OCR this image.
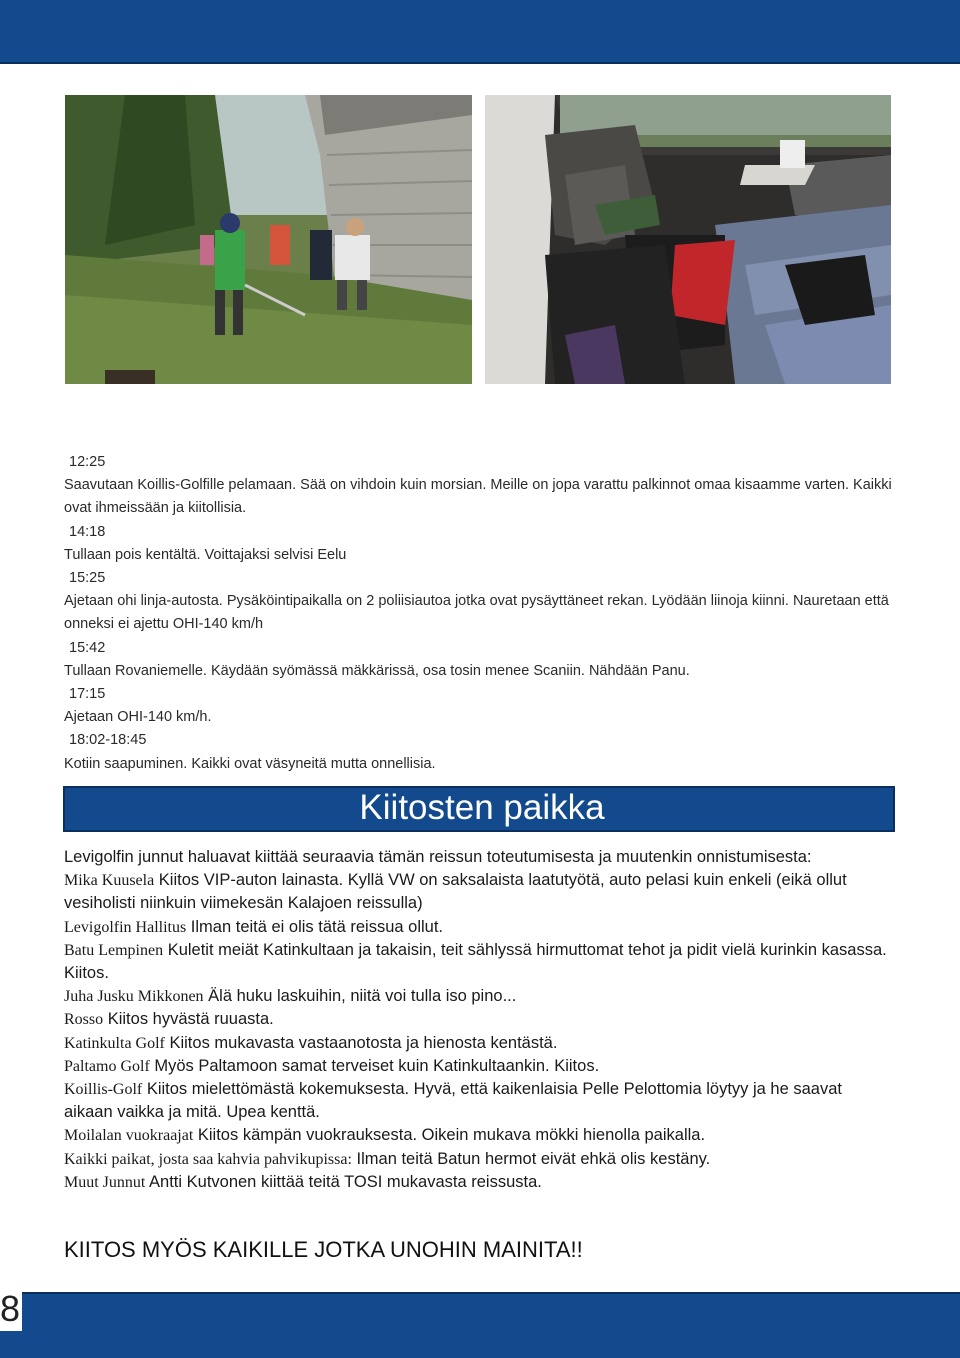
12:25

Saavutaan Koillis-Golfille pelamaan. Sää on vihdoin kuin morsian. Meille on jopa varattu palkinnot omaa kisaamme varten. Kaikki ovat ihmeissään ja kiitollisia.

14:18

Tullaan pois kentältä. Voittajaksi selvisi Eelu

15:25

Ajetaan ohi linja-autosta. Pysäköintipaikalla on 2 poliisiautoa jotka ovat pysäyttäneet rekan. Lyödään liinoja kiinni. Nauretaan että onneksi ei ajettu OHI-140 km/h

15:42

Tullaan Rovaniemelle. Käydään syömässä mäkkärissä, osa tosin menee Scaniin. Nähdään Panu.

17:15

Ajetaan OHI-140 km/h.

18:02-18:45

Kotiin saapuminen. Kaikki ovat väsyneitä mutta onnellisia.

Kiitosten paikka

Levigolfin junnut haluavat kiittää seuraavia tämän reissun toteutumisesta ja muutenkin onnistumisesta:

Mika Kuusela Kiitos VIP-auton lainasta. Kyllä VW on saksalaista laatutyötä, auto pelasi kuin enkeli (eikä ollut vesiholisti niinkuin viimekesän Kalajoen reissulla)

Levigolfin Hallitus Ilman teitä ei olis tätä reissua ollut.

Batu Lempinen Kuletit meiät Katinkultaan ja takaisin, teit sählyssä hirmuttomat tehot ja pidit vielä kurinkin kasassa. Kiitos.

Juha Jusku Mikkonen Älä huku laskuihin, niitä voi tulla iso pino...

Rosso Kiitos hyvästä ruuasta.

Katinkulta Golf Kiitos mukavasta vastaanotosta ja hienosta kentästä.

Paltamo Golf Myös Paltamoon samat terveiset kuin Katinkultaankin. Kiitos.

Koillis-Golf Kiitos mielettömästä kokemuksesta. Hyvä, että kaikenlaisia Pelle Pelottomia löytyy ja he saavat aikaan vaikka ja mitä. Upea kenttä.

Moilalan vuokraajat Kiitos kämpän vuokrauksesta. Oikein mukava mökki hienolla paikalla.

Kaikki paikat, josta saa kahvia pahvikupissa: Ilman teitä Batun hermot eivät ehkä olis kestäny.

Muut Junnut Antti Kutvonen kiittää teitä TOSI mukavasta reissusta.

KIITOS MYÖS KAIKILLE JOTKA UNOHIN MAINITA!!
8
